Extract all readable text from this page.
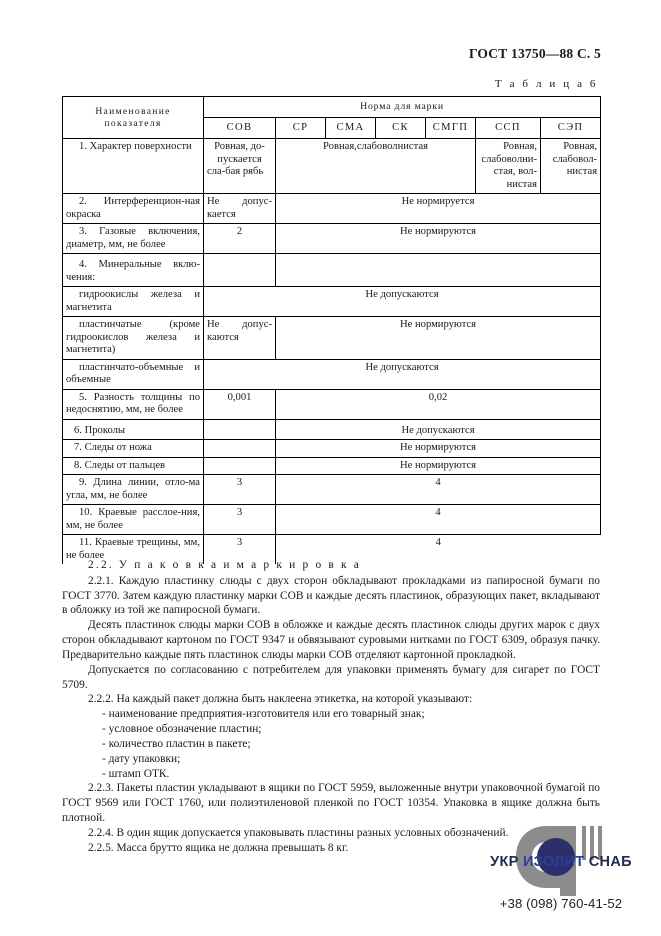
ГОСТ 13750—88 С. 5
Т а б л и ц а 6
Наименование показателя	Норма для марки						
	СОВ	СР	СМА	СК	СМГП	ССП	СЭП
1. Характер поверхности	Ровная, до-пускается сла-бая рябь	Ровная,слабоволнистая				Ровная, слабоволни-стая, вол-нистая	Ровная, слабовол-нистая
2. Интерференцион-ная окраска	Не допус-кается	Не нормируется					
3. Газовые включения, диаметр, мм, не более	2	Не нормируются					
4. Минеральные вклю-чения:							
гидроокислы железа и магнетита	Не допускаются						
пластинчатые (кроме гидроокислов железа и магнетита)	Не допус-каются	Не нормируются					
пластинчато-объемные и объемные	Не допускаются						
5. Разность толщины по недоснятию, мм, не более	0,001	0,02					
6. Проколы		Не допускаются					
7. Следы от ножа		Не нормируются					
8. Следы от пальцев		Не нормируются					
9. Длина линии, отло-ма угла, мм, не более	3	4					
10. Краевые расслое-ния, мм, не более	3	4					
11. Краевые трещины, мм, не более	3	4					

2.2. У п а к о в к а и м а р к и р о в к а

2.2.1. Каждую пластинку слюды с двух сторон обкладывают прокладками из папиросной бумаги по ГОСТ 3770. Затем каждую пластинку марки СОВ и каждые десять пластинок, образующих пакет, вкладывают в обложку из той же папиросной бумаги.

Десять пластинок слюды марки СОВ в обложке и каждые десять пластинок слюды других марок с двух сторон обкладывают картоном по ГОСТ 9347 и обвязывают суровыми нитками по ГОСТ 6309, образуя пачку. Предварительно каждые пять пластинок слюды марки СОВ отделяют картонной прокладкой.

Допускается по согласованию с потребителем для упаковки применять бумагу для сигарет по ГОСТ 5709.

2.2.2. На каждый пакет должна быть наклеена этикетка, на которой указывают:

- наименование предприятия-изготовителя или его товарный знак;

- условное обозначение пластин;

- количество пластин в пакете;

- дату упаковки;

- штамп ОТК.

2.2.3. Пакеты пластин укладывают в ящики по ГОСТ 5959, выложенные внутри упаковочной бумагой по ГОСТ 9569 или ГОСТ 1760, или полиэтиленовой пленкой по ГОСТ 10354. Упаковка в ящике должна быть плотной.

2.2.4. В один ящик допускается упаковывать пластины разных условных обозначений.

2.2.5. Масса брутто ящика не должна превышать 8 кг.

УКР ИЗОЛИТ СНАБ
+38 (098) 760-41-52
